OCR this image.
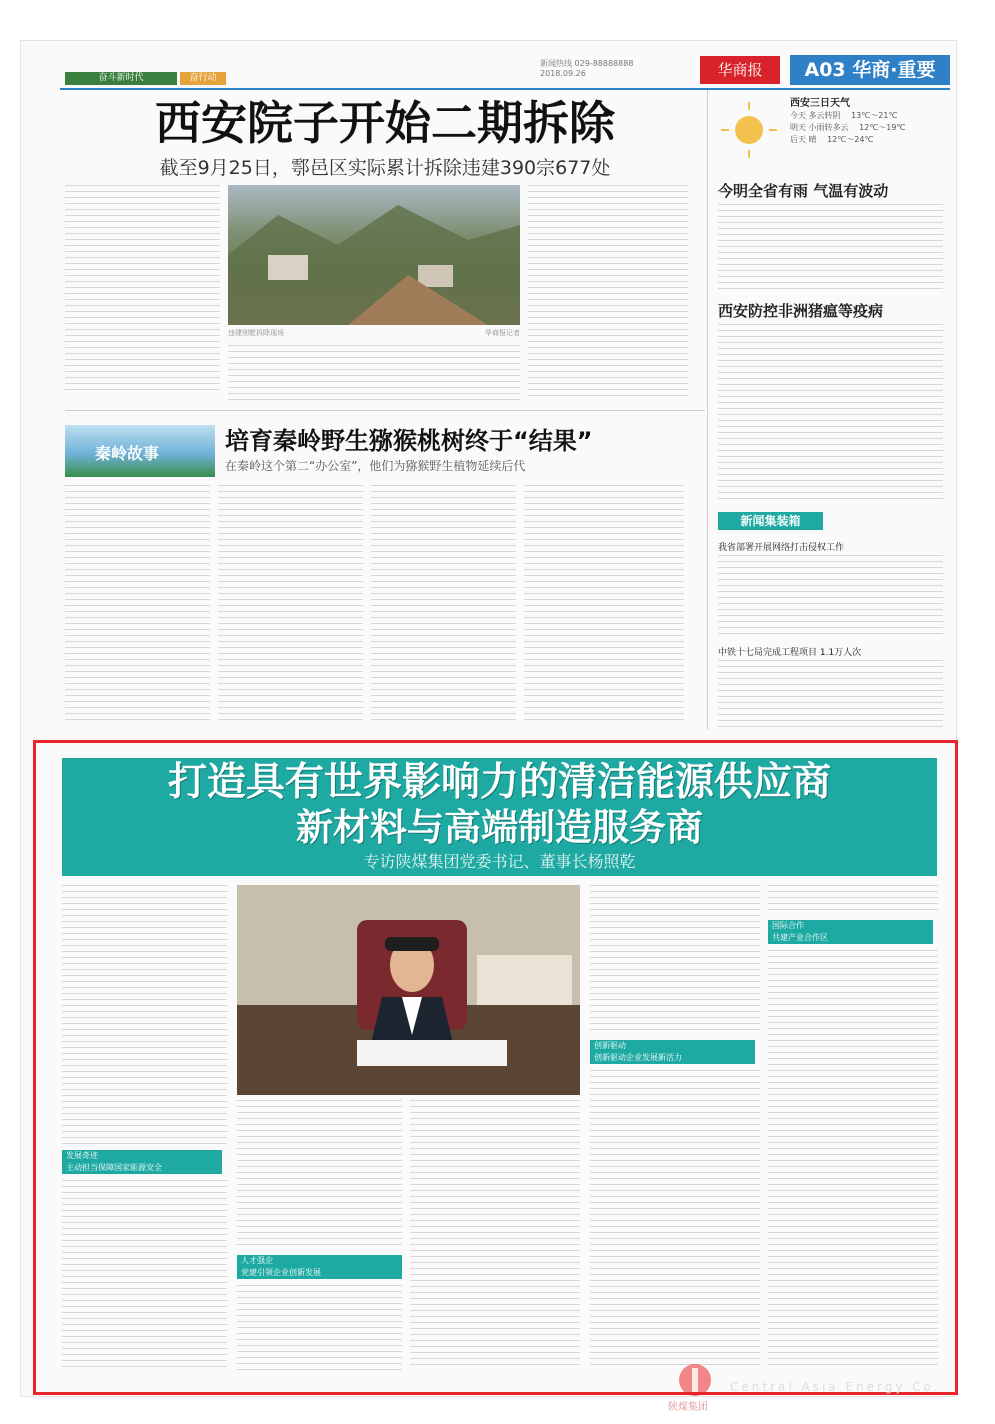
奋斗新时代	奋行动
新闻热线 029-88888888
2018.09.26	华商报	A03 华商·重要
西安院子开始二期拆除
截至9月25日，鄠邑区实际累计拆除违建390宗677处
违建别墅拆除现场	华商报记者
秦岭故事	培育秦岭野生猕猴桃树终于“结果”
在秦岭这个第二“办公室”，他们为猕猴野生植物延续后代
西安三日天气
今天 多云转阴 13℃～21℃
明天 小雨转多云 12℃～19℃
后天 晴 12℃～24℃
今明全省有雨 气温有波动
西安防控非洲猪瘟等疫病
新闻集装箱
我省部署开展网络打击侵权工作
中铁十七局完成工程项目 1.1万人次
打造具有世界影响力的清洁能源供应商
新材料与高端制造服务商
专访陕煤集团党委书记、董事长杨照乾
发展奇迹
主动担当保障国家能源安全
人才强企
党建引领企业创新发展
创新驱动
创新驱动企业发展新活力
国际合作
共建产业合作区
陕煤集团
Central Asia Energy Co.
